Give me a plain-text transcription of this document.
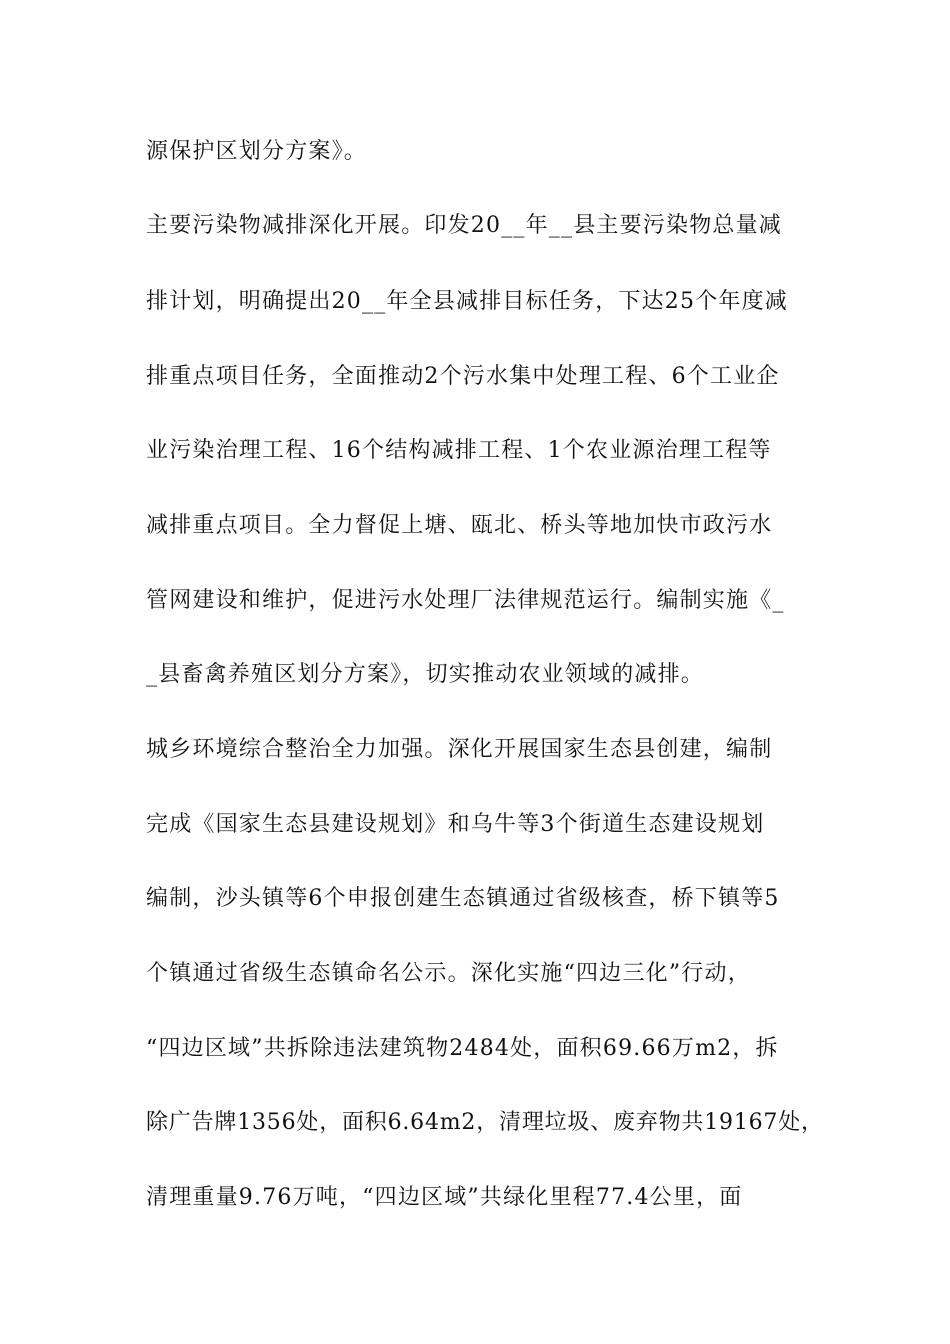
源保护区划分方案》。
主要污染物减排深化开展。印发20__年__县主要污染物总量减
排计划，明确提出20__年全县减排目标任务，下达25个年度减
排重点项目任务，全面推动2个污水集中处理工程、6个工业企
业污染治理工程、16个结构减排工程、1个农业源治理工程等
减排重点项目。全力督促上塘、瓯北、桥头等地加快市政污水
管网建设和维护，促进污水处理厂法律规范运行。编制实施《_
_县畜禽养殖区划分方案》，切实推动农业领域的减排。
城乡环境综合整治全力加强。深化开展国家生态县创建，编制
完成《国家生态县建设规划》和乌牛等3个街道生态建设规划
编制，沙头镇等6个申报创建生态镇通过省级核查，桥下镇等5
个镇通过省级生态镇命名公示。深化实施“四边三化”行动，
“四边区域”共拆除违法建筑物2484处，面积69.66万m2，拆
除广告牌1356处，面积6.64m2，清理垃圾、废弃物共19167处，
清理重量9.76万吨，“四边区域”共绿化里程77.4公里，面
